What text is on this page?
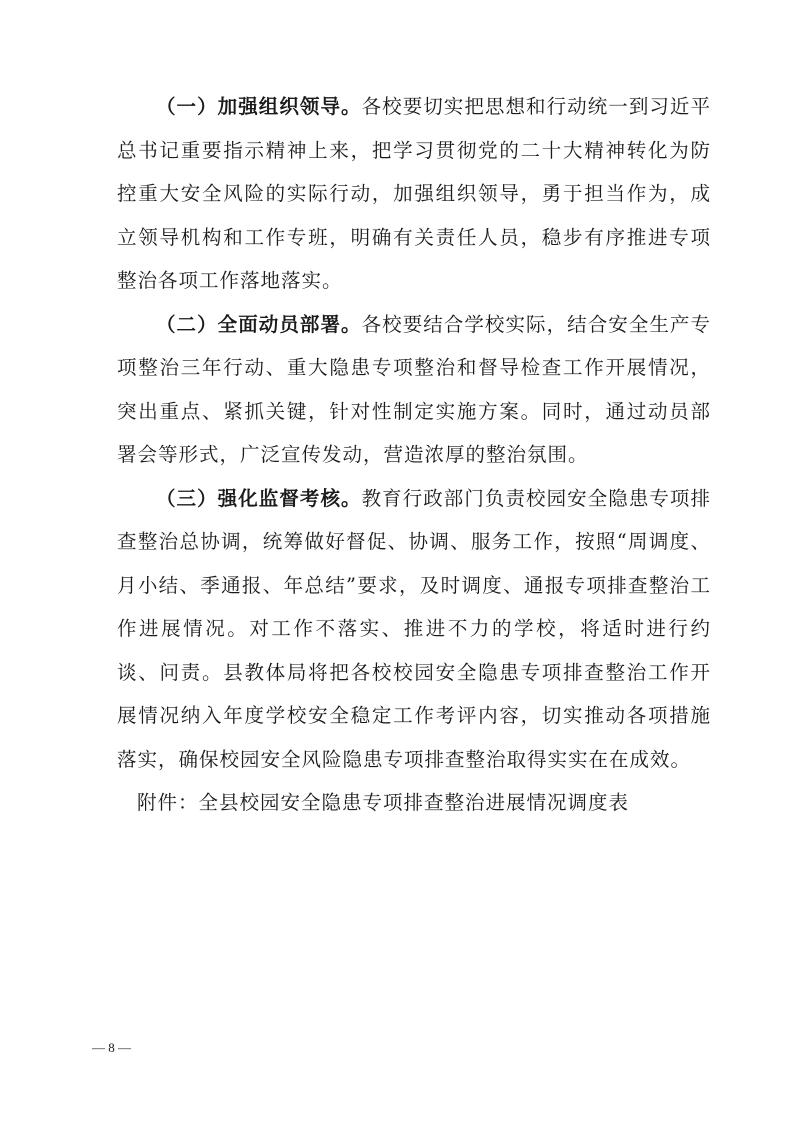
（一）加强组织领导。各校要切实把思想和行动统一到习近平总书记重要指示精神上来，把学习贯彻党的二十大精神转化为防控重大安全风险的实际行动，加强组织领导，勇于担当作为，成立领导机构和工作专班，明确有关责任人员，稳步有序推进专项整治各项工作落地落实。

（二）全面动员部署。各校要结合学校实际，结合安全生产专项整治三年行动、重大隐患专项整治和督导检查工作开展情况，突出重点、紧抓关键，针对性制定实施方案。同时，通过动员部署会等形式，广泛宣传发动，营造浓厚的整治氛围。

（三）强化监督考核。教育行政部门负责校园安全隐患专项排查整治总协调，统筹做好督促、协调、服务工作，按照“周调度、月小结、季通报、年总结”要求，及时调度、通报专项排查整治工作进展情况。对工作不落实、推进不力的学校，将适时进行约谈、问责。县教体局将把各校校园安全隐患专项排查整治工作开展情况纳入年度学校安全稳定工作考评内容，切实推动各项措施落实，确保校园安全风险隐患专项排查整治取得实实在在成效。

附件：全县校园安全隐患专项排查整治进展情况调度表

— 8 —
